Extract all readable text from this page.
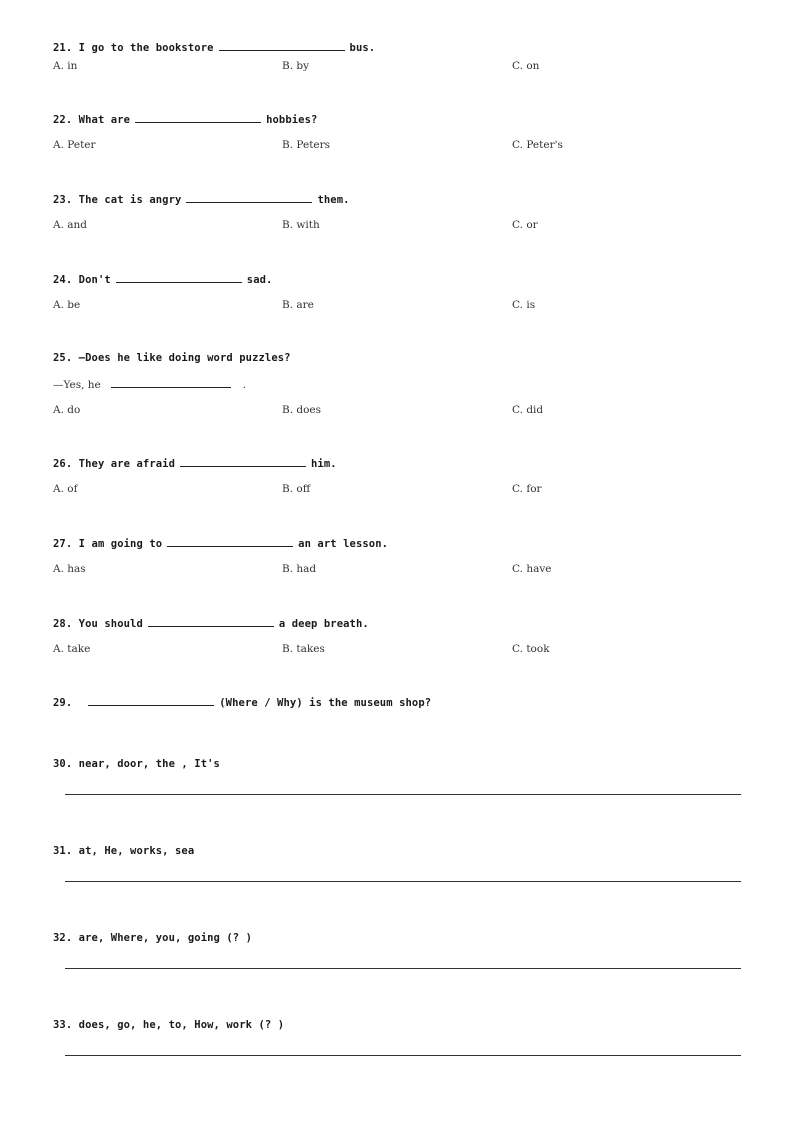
21. I go to the bookstore	bus.
A. in	B. by	C. on
22. What are	hobbies?
A. Peter	B. Peters	C. Peter's
23. The cat is angry	them.
A. and	B. with	C. or
24. Don't	sad.
A. be	B. are	C. is
25. —Does he like doing word puzzles?
—Yes, he	.
A. do	B. does	C. did
26. They are afraid	him.
A. of	B. off	C. for
27. I am going to	an art lesson.
A. has	B. had	C. have
28. You should	a deep breath.
A. take	B. takes	C. took
29.	(Where / Why) is the museum shop?
30. near, door, the , It's
31. at, He, works, sea
32. are, Where, you, going (? )
33. does, go, he, to, How, work (? )
